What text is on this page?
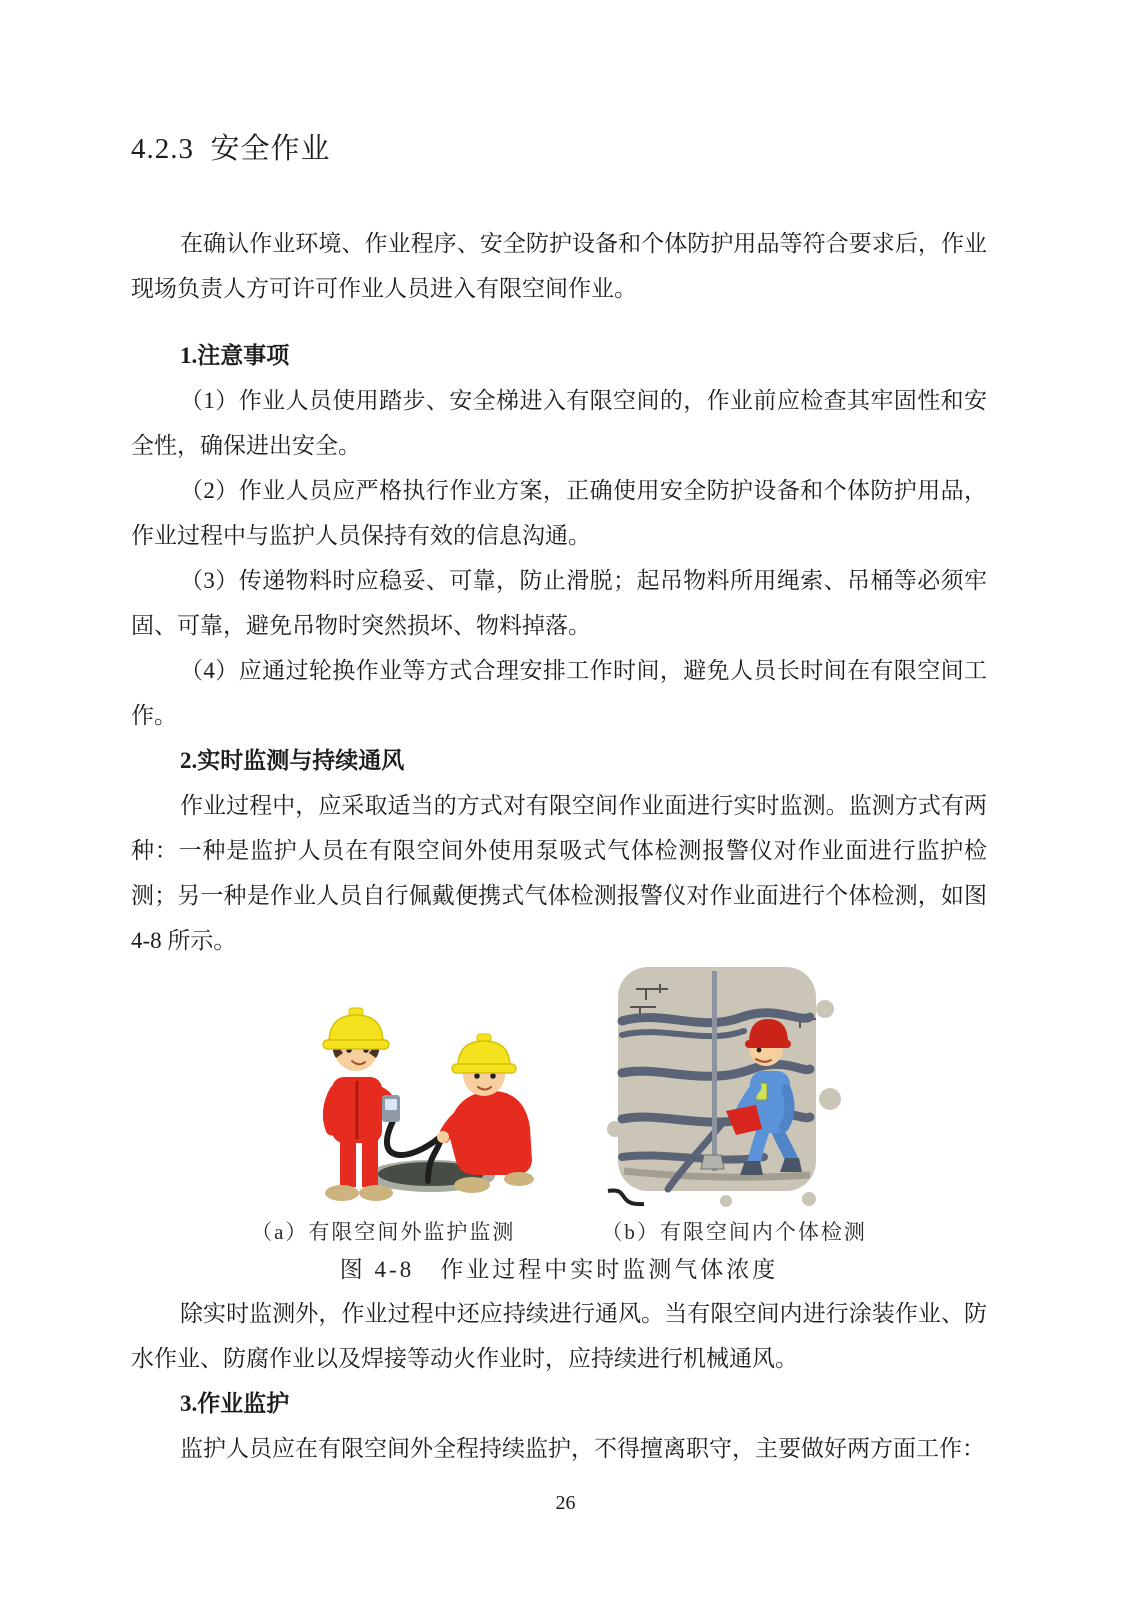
4.2.3  安全作业

在确认作业环境、作业程序、安全防护设备和个体防护用品等符合要求后，作业现场负责人方可许可作业人员进入有限空间作业。

1.注意事项

（1）作业人员使用踏步、安全梯进入有限空间的，作业前应检查其牢固性和安全性，确保进出安全。

（2）作业人员应严格执行作业方案，正确使用安全防护设备和个体防护用品，作业过程中与监护人员保持有效的信息沟通。

（3）传递物料时应稳妥、可靠，防止滑脱；起吊物料所用绳索、吊桶等必须牢固、可靠，避免吊物时突然损坏、物料掉落。

（4）应通过轮换作业等方式合理安排工作时间，避免人员长时间在有限空间工作。

2.实时监测与持续通风

作业过程中，应采取适当的方式对有限空间作业面进行实时监测。监测方式有两种：一种是监护人员在有限空间外使用泵吸式气体检测报警仪对作业面进行监护检测；另一种是作业人员自行佩戴便携式气体检测报警仪对作业面进行个体检测，如图 4-8 所示。

（a）有限空间外监护监测	（b）有限空间内个体检测
图 4-8　作业过程中实时监测气体浓度

除实时监测外，作业过程中还应持续进行通风。当有限空间内进行涂装作业、防水作业、防腐作业以及焊接等动火作业时，应持续进行机械通风。

3.作业监护

监护人员应在有限空间外全程持续监护，不得擅离职守，主要做好两方面工作：

26
